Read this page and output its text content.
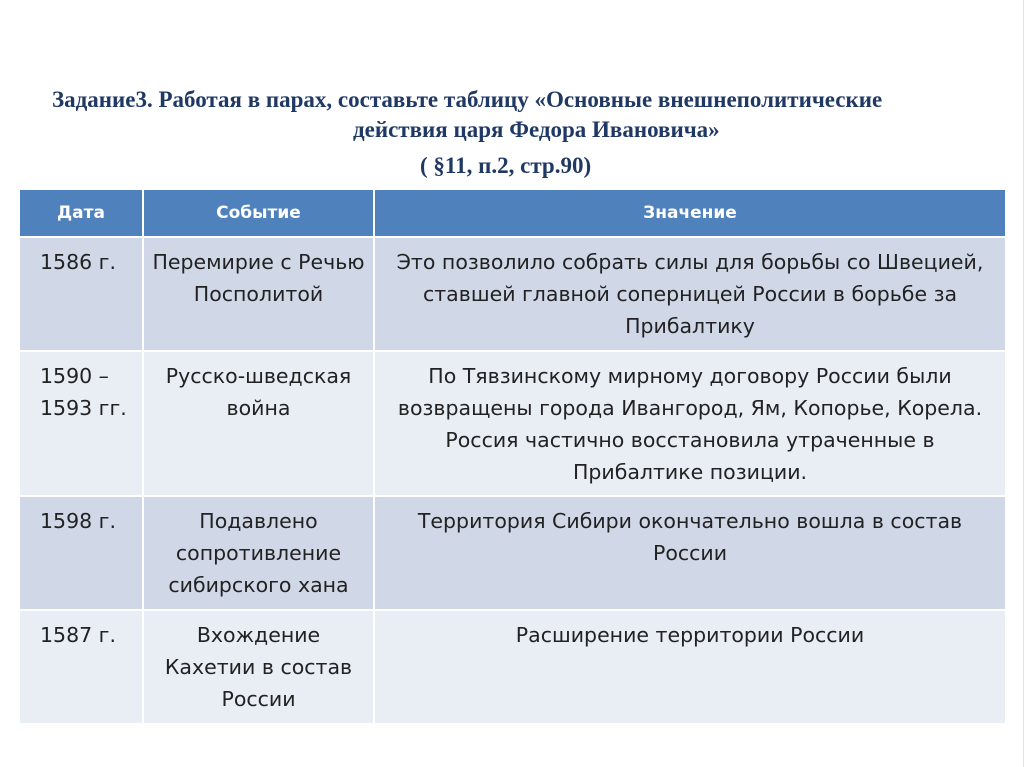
Задание3. Работая в парах, составьте таблицу «Основные внешнеполитические
действия царя Федора Ивановича»
( §11, п.2, стр.90)
Дата	Событие	Значение
1586 г.	Перемирие с Речью Посполитой	Это позволило собрать силы для борьбы со Швецией, ставшей главной соперницей России в борьбе за Прибалтику
1590 – 1593 гг.	Русско-шведская война	По Тявзинскому мирному договору России были возвращены города Ивангород, Ям, Копорье, Корела. Россия частично восстановила утраченные в Прибалтике позиции.
1598 г.	Подавлено сопротивление сибирского хана	Территория Сибири окончательно вошла в состав России
1587 г.	Вхождение Кахетии в состав России	Расширение территории России
